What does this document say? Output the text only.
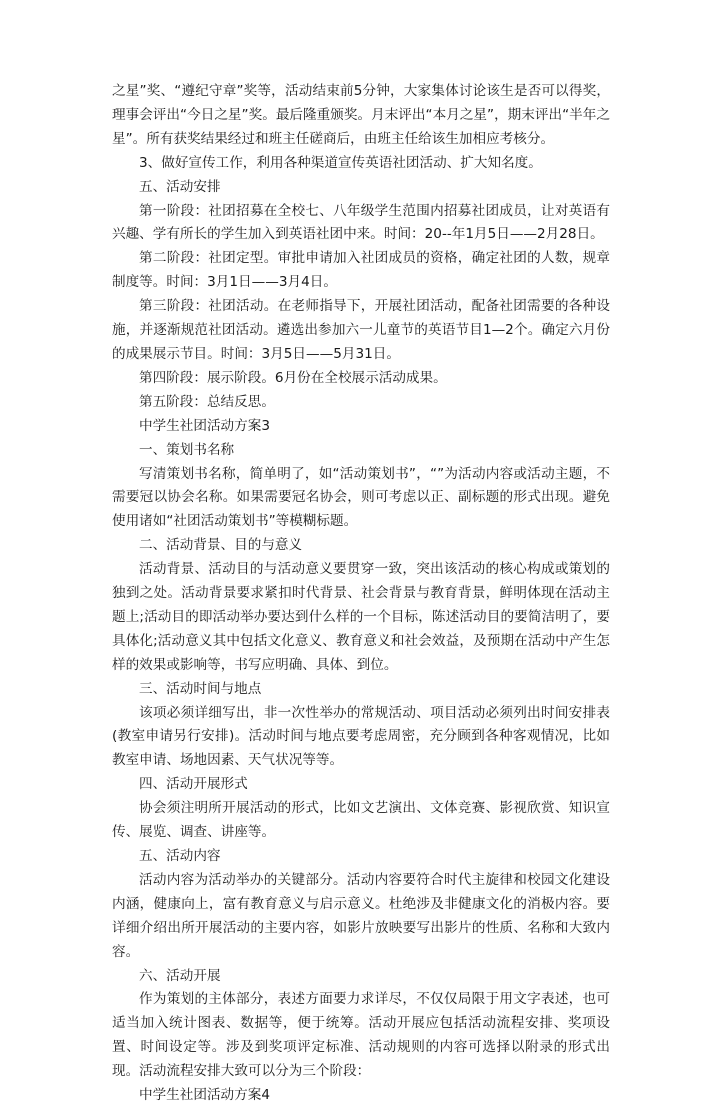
之星”奖、“遵纪守章”奖等，活动结束前5分钟，大家集体讨论该生是否可以得奖，理事会评出“今日之星”奖。最后隆重颁奖。月末评出“本月之星”，期末评出“半年之星”。所有获奖结果经过和班主任磋商后，由班主任给该生加相应考核分。

3、做好宣传工作，利用各种渠道宣传英语社团活动、扩大知名度。

五、活动安排

第一阶段：社团招募在全校七、八年级学生范围内招募社团成员，让对英语有兴趣、学有所长的学生加入到英语社团中来。时间：20--年1月5日——2月28日。

第二阶段：社团定型。审批申请加入社团成员的资格，确定社团的人数，规章制度等。时间：3月1日——3月4日。

第三阶段：社团活动。在老师指导下，开展社团活动，配备社团需要的各种设施，并逐渐规范社团活动。遴选出参加六一儿童节的英语节目1—2个。确定六月份的成果展示节目。时间：3月5日——5月31日。

第四阶段：展示阶段。6月份在全校展示活动成果。

第五阶段：总结反思。

中学生社团活动方案3

一、策划书名称

写清策划书名称，简单明了，如“活动策划书”，“”为活动内容或活动主题，不需要冠以协会名称。如果需要冠名协会，则可考虑以正、副标题的形式出现。避免使用诸如“社团活动策划书”等模糊标题。

二、活动背景、目的与意义

活动背景、活动目的与活动意义要贯穿一致，突出该活动的核心构成或策划的独到之处。活动背景要求紧扣时代背景、社会背景与教育背景，鲜明体现在活动主题上;活动目的即活动举办要达到什么样的一个目标，陈述活动目的要简洁明了，要具体化;活动意义其中包括文化意义、教育意义和社会效益，及预期在活动中产生怎样的效果或影响等，书写应明确、具体、到位。

三、活动时间与地点

该项必须详细写出，非一次性举办的常规活动、项目活动必须列出时间安排表(教室申请另行安排)。活动时间与地点要考虑周密，充分顾到各种客观情况，比如教室申请、场地因素、天气状况等等。

四、活动开展形式

协会须注明所开展活动的形式，比如文艺演出、文体竞赛、影视欣赏、知识宣传、展览、调查、讲座等。

五、活动内容

活动内容为活动举办的关键部分。活动内容要符合时代主旋律和校园文化建设内涵，健康向上，富有教育意义与启示意义。杜绝涉及非健康文化的消极内容。要详细介绍出所开展活动的主要内容，如影片放映要写出影片的性质、名称和大致内容。

六、活动开展

作为策划的主体部分，表述方面要力求详尽，不仅仅局限于用文字表述，也可适当加入统计图表、数据等，便于统筹。活动开展应包括活动流程安排、奖项设置、时间设定等。涉及到奖项评定标准、活动规则的内容可选择以附录的形式出现。活动流程安排大致可以分为三个阶段：

中学生社团活动方案4
